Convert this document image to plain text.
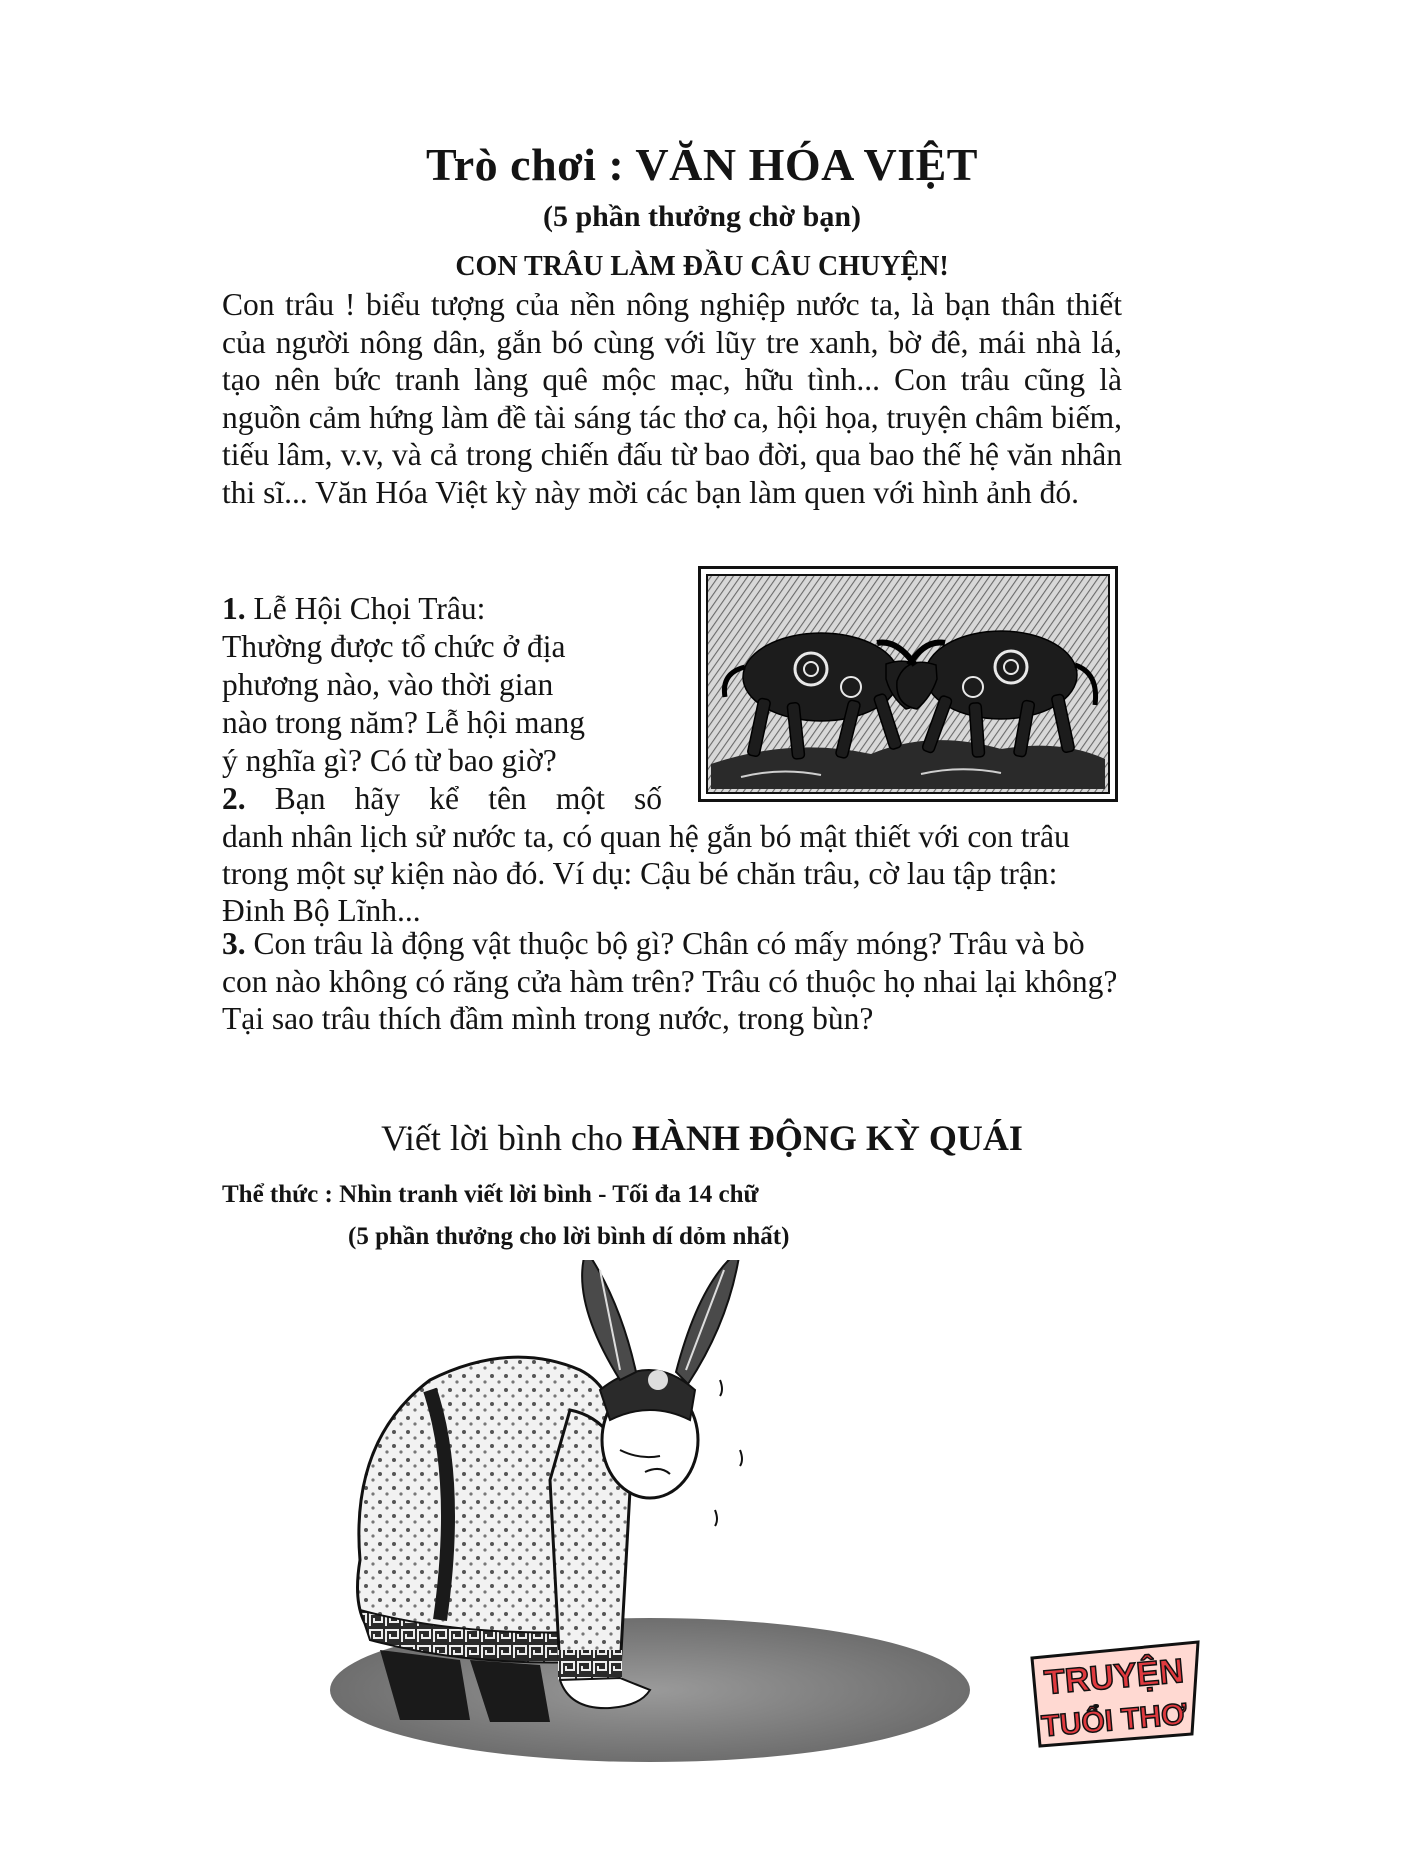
Trò chơi : VĂN HÓA VIỆT
(5 phần thưởng chờ bạn)
CON TRÂU LÀM ĐẦU CÂU CHUYỆN!
Con trâu ! biểu tượng của nền nông nghiệp nước ta, là bạn thân thiết của người nông dân, gắn bó cùng với lũy tre xanh, bờ đê, mái nhà lá, tạo nên bức tranh làng quê mộc mạc, hữu tình... Con trâu cũng là nguồn cảm hứng làm đề tài sáng tác thơ ca, hội họa, truyện châm biếm, tiếu lâm, v.v, và cả trong chiến đấu từ bao đời, qua bao thế hệ văn nhân thi sĩ... Văn Hóa Việt kỳ này mời các bạn làm quen với hình ảnh đó.
1. Lễ Hội Chọi Trâu:
Thường được tổ chức ở địa
phương nào, vào thời gian
nào trong năm? Lễ hội mang
ý nghĩa gì? Có từ bao giờ?
2. Bạn hãy kể tên một số
danh nhân lịch sử nước ta, có quan hệ gắn bó mật thiết với con trâu trong một sự kiện nào đó. Ví dụ: Cậu bé chăn trâu, cờ lau tập trận: Đinh Bộ Lĩnh...
3. Con trâu là động vật thuộc bộ gì? Chân có mấy móng? Trâu và bò con nào không có răng cửa hàm trên? Trâu có thuộc họ nhai lại không? Tại sao trâu thích đầm mình trong nước, trong bùn?
Viết lời bình cho HÀNH ĐỘNG KỲ QUÁI
Thể thức : Nhìn tranh viết lời bình - Tối đa 14 chữ
(5 phần thưởng cho lời bình dí dỏm nhất)
TRUYỆN
TUỔI THƠ
